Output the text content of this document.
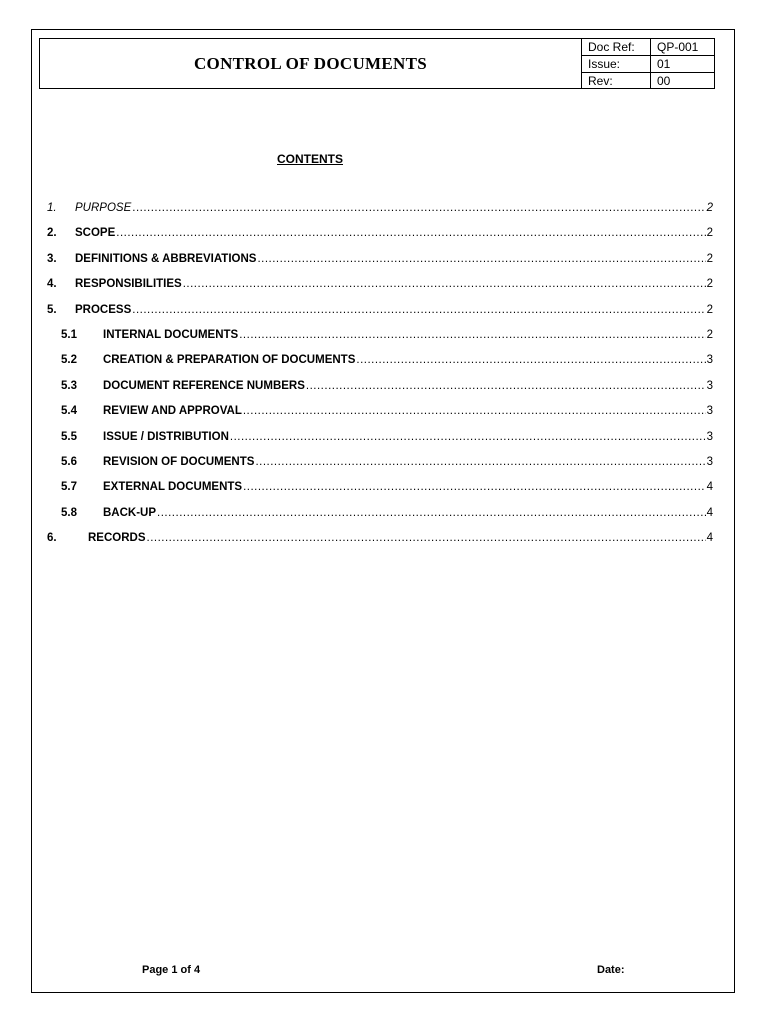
CONTROL OF DOCUMENTS
Doc Ref:	QP-001
Issue:	01
Rev:	00
CONTENTS
1.	PURPOSE .....	2
2.	SCOPE .....	2
3.	DEFINITIONS & ABBREVIATIONS .....	2
4.	RESPONSIBILITIES .....	2
5.	PROCESS .....	2
5.1	INTERNAL DOCUMENTS .....	2
5.2	CREATION & PREPARATION OF DOCUMENTS .....	3
5.3	DOCUMENT REFERENCE NUMBERS .....	3
5.4	REVIEW AND APPROVAL .....	3
5.5	ISSUE / DISTRIBUTION .....	3
5.6	REVISION OF DOCUMENTS .....	3
5.7	EXTERNAL DOCUMENTS .....	4
5.8	BACK-UP .....	4
6.	RECORDS .....	4
Page 1 of 4	Date:
